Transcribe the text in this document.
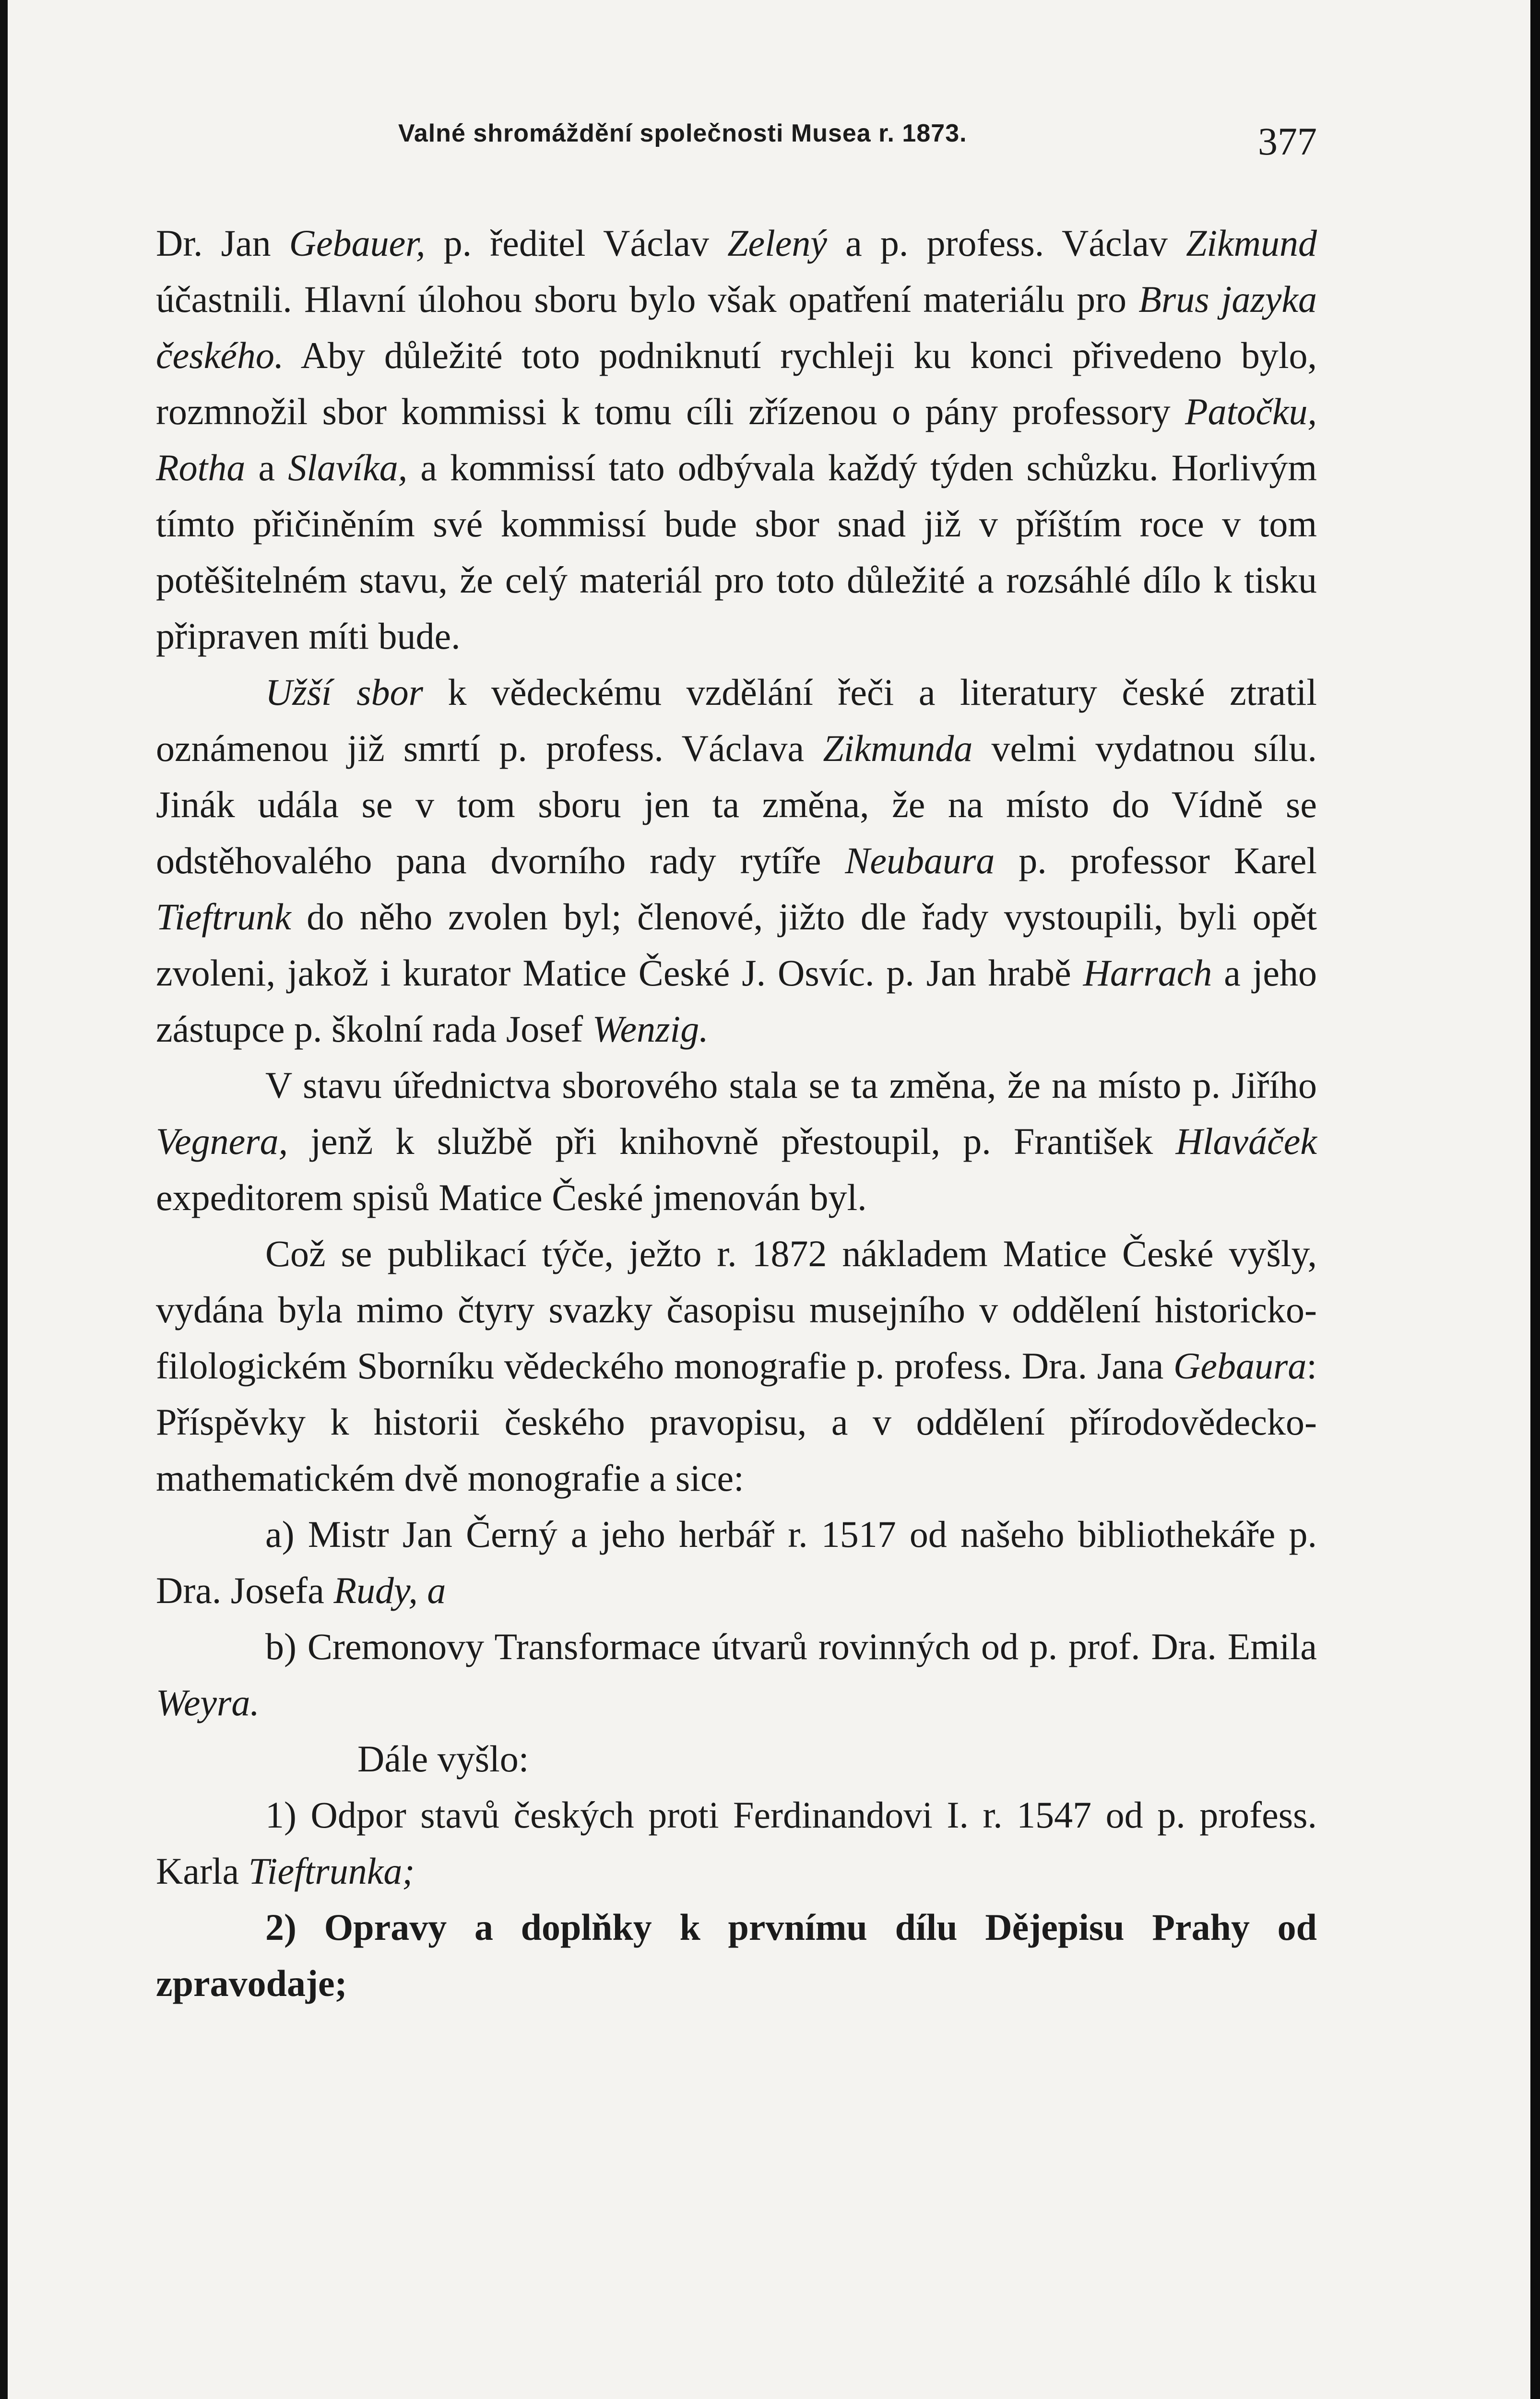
Valné shromáždění společnosti Musea r. 1873.	377

Dr. Jan Gebauer, p. ředitel Václav Zelený a p. profess. Václav Zikmund účastnili. Hlavní úlohou sboru bylo však opatření materiálu pro Brus jazyka českého. Aby důležité toto podniknutí rychleji ku konci přivedeno bylo, rozmnožil sbor kommissi k tomu cíli zřízenou o pány professory Patočku, Rotha a Slavíka, a kommissí tato odbývala každý týden schůzku. Horlivým tímto přičiněním své kommissí bude sbor snad již v příštím roce v tom potěšitelném stavu, že celý materiál pro toto důležité a rozsáhlé dílo k tisku připraven míti bude.

Užší sbor k vědeckému vzdělání řeči a literatury české ztratil oznámenou již smrtí p. profess. Václava Zikmunda velmi vydatnou sílu. Jinák udála se v tom sboru jen ta změna, že na místo do Vídně se odstěhovalého pana dvorního rady rytíře Neubaura p. professor Karel Tieftrunk do něho zvolen byl; členové, jižto dle řady vystoupili, byli opět zvoleni, jakož i kurator Matice České J. Osvíc. p. Jan hrabě Harrach a jeho zástupce p. školní rada Josef Wenzig.

V stavu úřednictva sborového stala se ta změna, že na místo p. Jiřího Vegnera, jenž k službě při knihovně přestoupil, p. František Hlaváček expeditorem spisů Matice České jmenován byl.

Což se publikací týče, ježto r. 1872 nákladem Matice České vyšly, vydána byla mimo čtyry svazky časopisu musejního v oddělení historicko-filologickém Sborníku vědeckého monografie p. profess. Dra. Jana Gebaura: Příspěvky k historii českého pravopisu, a v oddělení přírodovědecko-mathematickém dvě monografie a sice:

a) Mistr Jan Černý a jeho herbář r. 1517 od našeho bibliothekáře p. Dra. Josefa Rudy, a

b) Cremonovy Transformace útvarů rovinných od p. prof. Dra. Emila Weyra.

Dále vyšlo:

1) Odpor stavů českých proti Ferdinandovi I. r. 1547 od p. profess. Karla Tieftrunka;

2) Opravy a doplňky k prvnímu dílu Dějepisu Prahy od zpravodaje;
